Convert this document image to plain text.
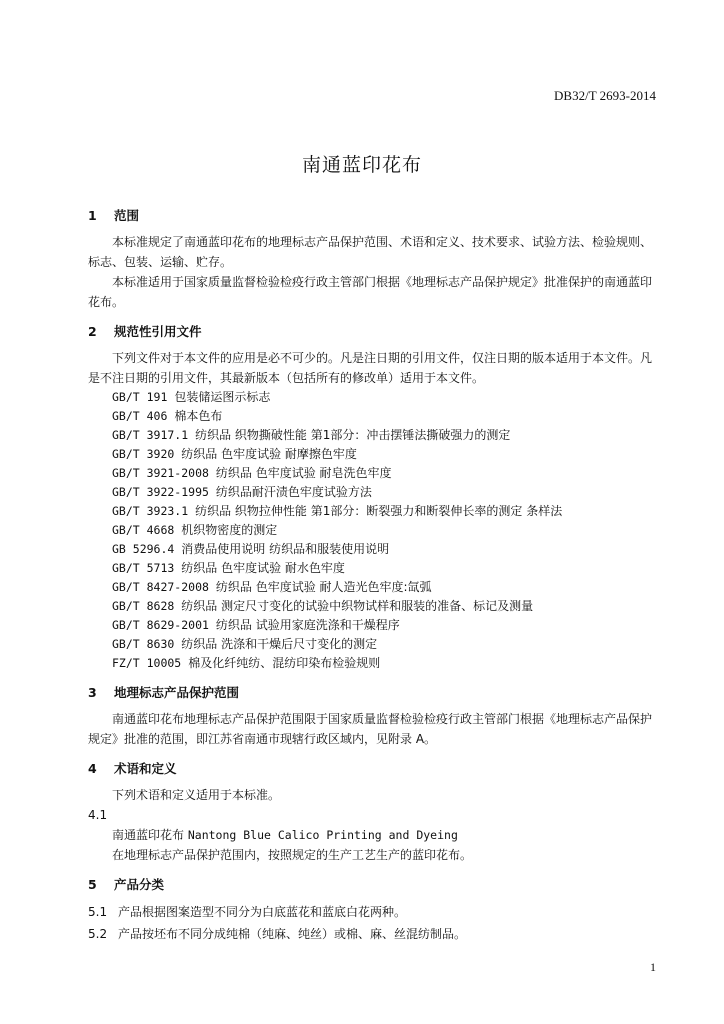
DB32/T 2693-2014
南通蓝印花布
1 范围

本标准规定了南通蓝印花布的地理标志产品保护范围、术语和定义、技术要求、试验方法、检验规则、标志、包装、运输、贮存。

本标准适用于国家质量监督检验检疫行政主管部门根据《地理标志产品保护规定》批准保护的南通蓝印花布。

2 规范性引用文件

下列文件对于本文件的应用是必不可少的。凡是注日期的引用文件，仅注日期的版本适用于本文件。凡是不注日期的引用文件，其最新版本（包括所有的修改单）适用于本文件。

GB/T 191 包装储运图示标志
GB/T 406 棉本色布
GB/T 3917.1 纺织品 织物撕破性能 第1部分：冲击摆锤法撕破强力的测定
GB/T 3920 纺织品 色牢度试验 耐摩擦色牢度
GB/T 3921-2008 纺织品 色牢度试验 耐皂洗色牢度
GB/T 3922-1995 纺织品耐汗渍色牢度试验方法
GB/T 3923.1 纺织品 织物拉伸性能 第1部分：断裂强力和断裂伸长率的测定 条样法
GB/T 4668 机织物密度的测定
GB 5296.4 消费品使用说明 纺织品和服装使用说明
GB/T 5713 纺织品 色牢度试验 耐水色牢度
GB/T 8427-2008 纺织品 色牢度试验 耐人造光色牢度:氙弧
GB/T 8628 纺织品 测定尺寸变化的试验中织物试样和服装的准备、标记及测量
GB/T 8629-2001 纺织品 试验用家庭洗涤和干燥程序
GB/T 8630 纺织品 洗涤和干燥后尺寸变化的测定
FZ/T 10005 棉及化纤纯纺、混纺印染布检验规则
3 地理标志产品保护范围

南通蓝印花布地理标志产品保护范围限于国家质量监督检验检疫行政主管部门根据《地理标志产品保护规定》批准的范围，即江苏省南通市现辖行政区域内，见附录 A。

4 术语和定义

下列术语和定义适用于本标准。

4.1

南通蓝印花布 Nantong Blue Calico Printing and Dyeing

在地理标志产品保护范围内，按照规定的生产工艺生产的蓝印花布。

5 产品分类

5.1 产品根据图案造型不同分为白底蓝花和蓝底白花两种。

5.2 产品按坯布不同分成纯棉（纯麻、纯丝）或棉、麻、丝混纺制品。

1
